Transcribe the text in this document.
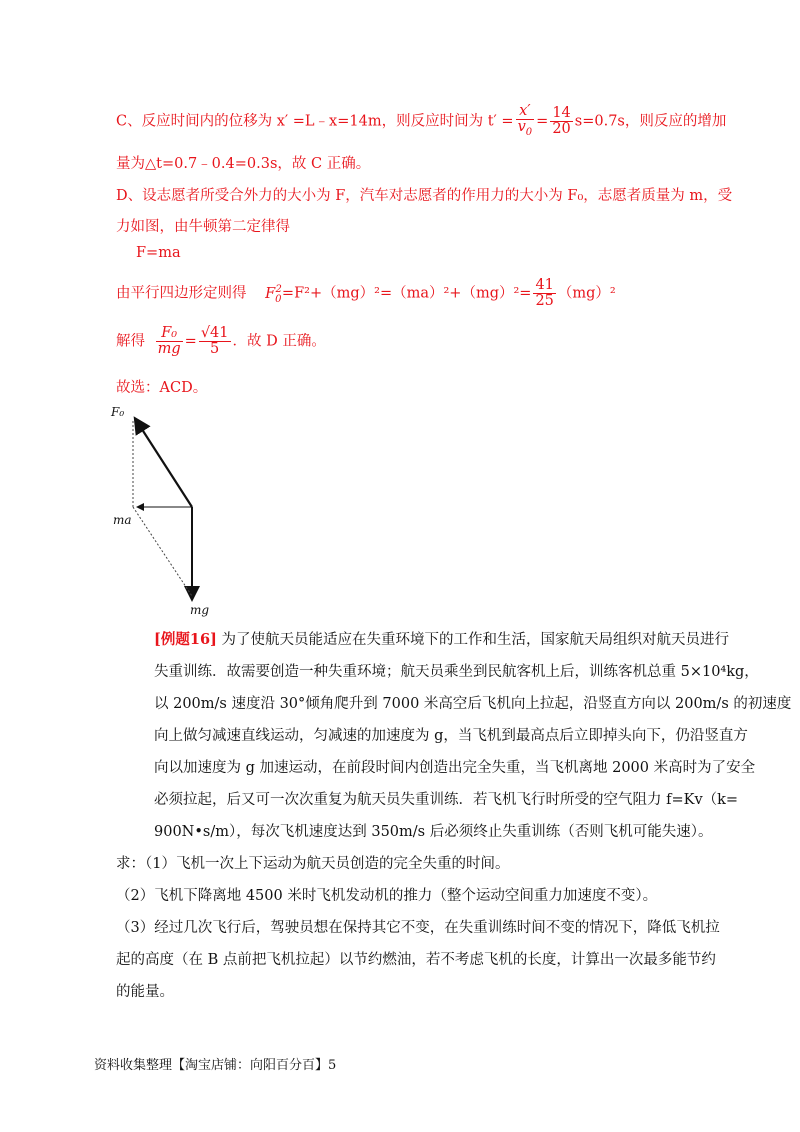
C、反应时间内的位移为 x′ =L﹣x=14m，则反应时间为 $t' = \frac{x'}{v_0} = \frac{14}{20} s=0.7s$，则反应的增加
量为△t=0.7﹣0.4=0.3s，故 C 正确。
D、设志愿者所受合外力的大小为 F，汽车对志愿者的作用力的大小为 F₀，志愿者质量为 m，受
力如图，由牛顿第二定律得
F=ma
由平行四边形定则得 $F_0^2=F^2+(mg)^2=(ma)^2+(mg)^2= \frac{41}{25} (mg)^2$
解得 $\frac{\text{F₀}}{mg} = \frac{√41}{5}$ ．故 D 正确。
故选：ACD。
F₀
ma
mg
[例题16] 为了使航天员能适应在失重环境下的工作和生活，国家航天局组织对航天员进行
失重训练．故需要创造一种失重环境；航天员乘坐到民航客机上后，训练客机总重 5×10⁴kg，
以 200m/s 速度沿 30°倾角爬升到 7000 米高空后飞机向上拉起，沿竖直方向以 200m/s 的初速度
向上做匀减速直线运动，匀减速的加速度为 g，当飞机到最高点后立即掉头向下，仍沿竖直方
向以加速度为 g 加速运动，在前段时间内创造出完全失重，当飞机离地 2000 米高时为了安全
必须拉起，后又可一次次重复为航天员失重训练．若飞机飞行时所受的空气阻力 f=Kv（k=
900N•s/m），每次飞机速度达到 350m/s 后必须终止失重训练（否则飞机可能失速）。
求：（1）飞机一次上下运动为航天员创造的完全失重的时间。
（2）飞机下降离地 4500 米时飞机发动机的推力（整个运动空间重力加速度不变）。
（3）经过几次飞行后，驾驶员想在保持其它不变，在失重训练时间不变的情况下，降低飞机拉
起的高度（在 B 点前把飞机拉起）以节约燃油，若不考虑飞机的长度，计算出一次最多能节约
的能量。
资料收集整理【淘宝店铺：向阳百分百】5
